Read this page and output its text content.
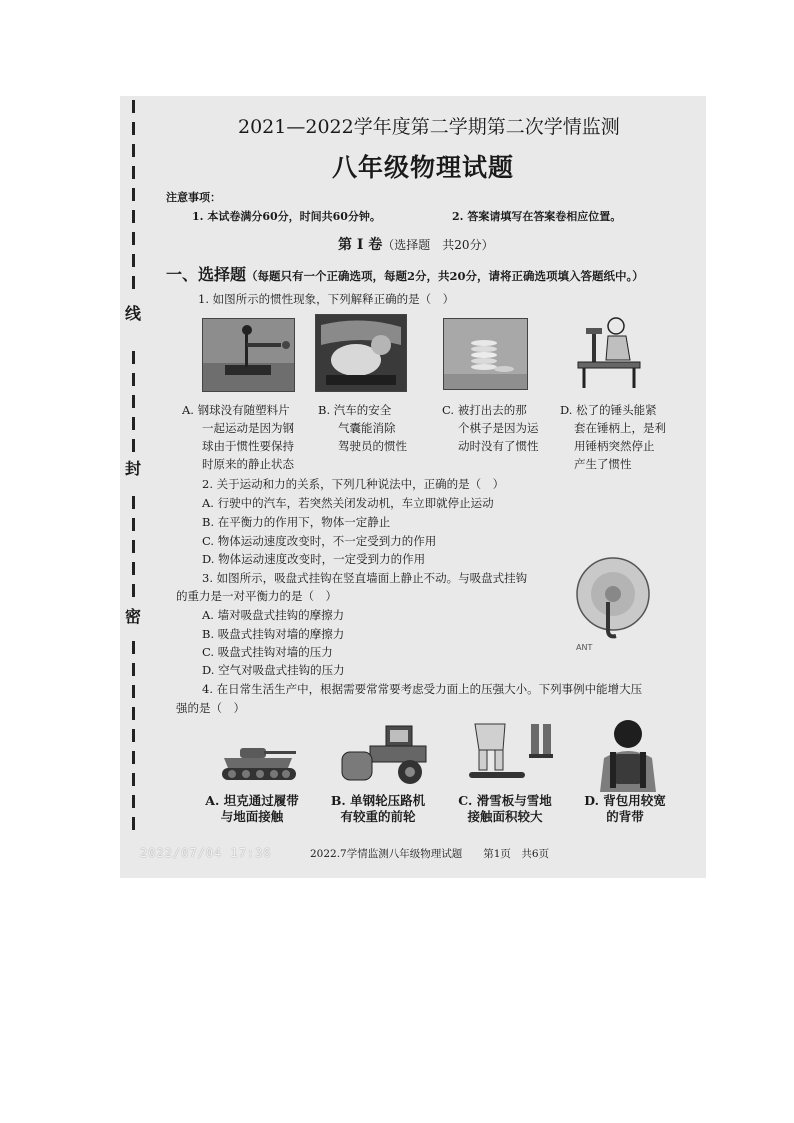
线
封
密
2021—2022学年度第二学期第二次学情监测
八年级物理试题
注意事项：
1. 本试卷满分60分，时间共60分钟。	2. 答案请填写在答案卷相应位置。
第 Ⅰ 卷（选择题　共20分）
一、选择题（每题只有一个正确选项，每题2分，共20分，请将正确选项填入答题纸中。）
1. 如图所示的惯性现象，下列解释正确的是（　）
A. 钢球没有随塑料片
一起运动是因为钢
球由于惯性要保持
时原来的静止状态
B. 汽车的安全
气囊能消除
驾驶员的惯性
C. 被打出去的那
个棋子是因为运
动时没有了惯性
D. 松了的锤头能紧
套在锤柄上，是利
用锤柄突然停止
产生了惯性
2. 关于运动和力的关系，下列几种说法中，正确的是（　）
A. 行驶中的汽车，若突然关闭发动机，车立即就停止运动
B. 在平衡力的作用下，物体一定静止
C. 物体运动速度改变时，不一定受到力的作用
D. 物体运动速度改变时，一定受到力的作用
3. 如图所示，吸盘式挂钩在竖直墙面上静止不动。与吸盘式挂钩
的重力是一对平衡力的是（　）
A. 墙对吸盘式挂钩的摩擦力
B. 吸盘式挂钩对墙的摩擦力
C. 吸盘式挂钩对墙的压力
D. 空气对吸盘式挂钩的压力
ANT
4. 在日常生活生产中，根据需要常常要考虑受力面上的压强大小。下列事例中能增大压
强的是（　）
A. 坦克通过履带
与地面接触
B. 单钢轮压路机
有较重的前轮
C. 滑雪板与雪地
接触面积较大
D. 背包用较宽
的背带
2022/07/04 17:36	2022.7学情监测八年级物理试题　　第1页　共6页
